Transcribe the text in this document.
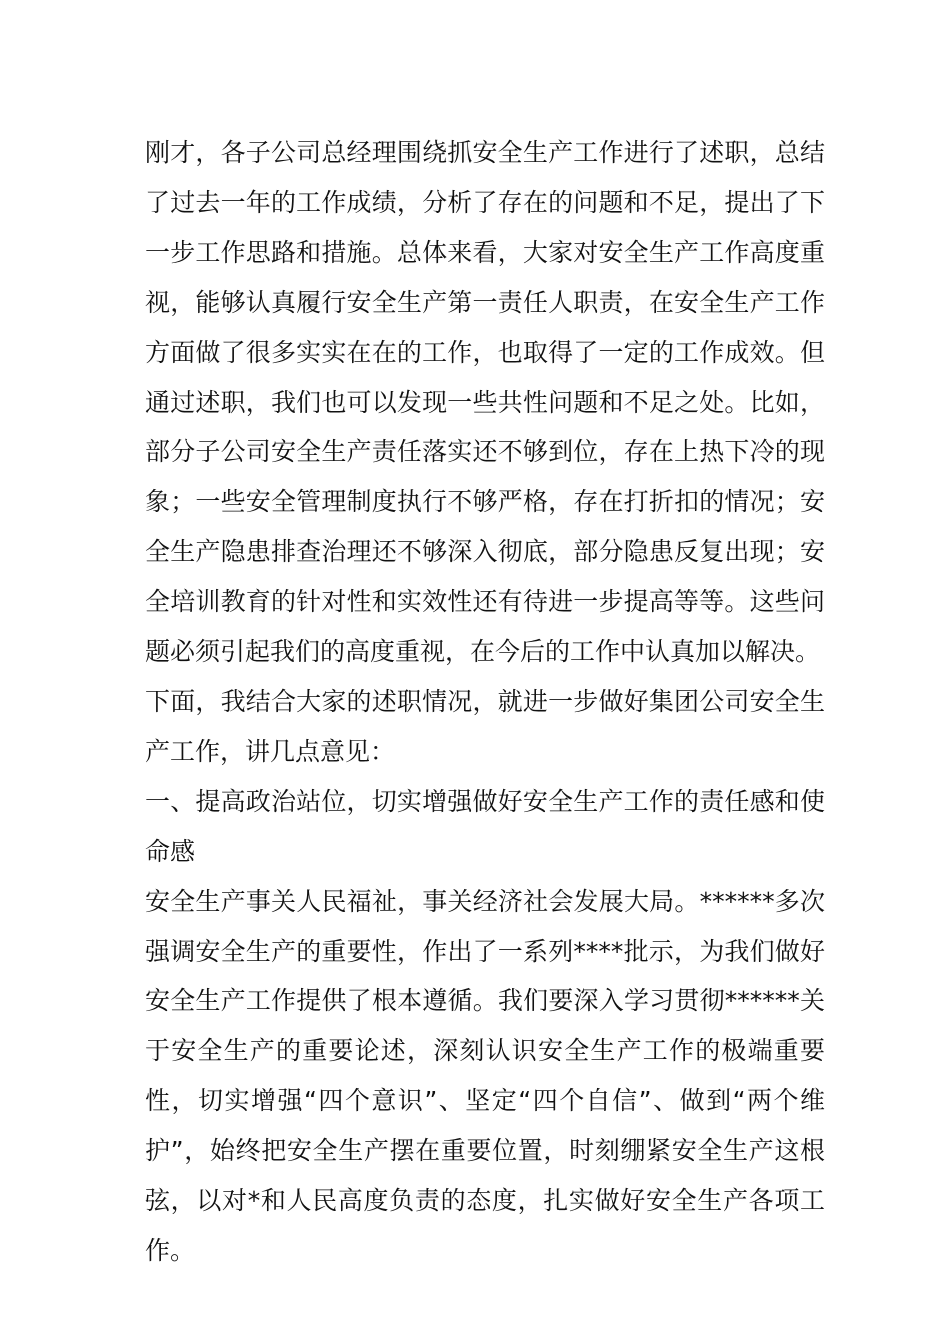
刚才，各子公司总经理围绕抓安全生产工作进行了述职，总结了过去一年的工作成绩，分析了存在的问题和不足，提出了下一步工作思路和措施。总体来看，大家对安全生产工作高度重视，能够认真履行安全生产第一责任人职责，在安全生产工作方面做了很多实实在在的工作，也取得了一定的工作成效。但通过述职，我们也可以发现一些共性问题和不足之处。比如，部分子公司安全生产责任落实还不够到位，存在上热下冷的现象；一些安全管理制度执行不够严格，存在打折扣的情况；安全生产隐患排查治理还不够深入彻底，部分隐患反复出现；安全培训教育的针对性和实效性还有待进一步提高等等。这些问题必须引起我们的高度重视，在今后的工作中认真加以解决。

下面，我结合大家的述职情况，就进一步做好集团公司安全生产工作，讲几点意见：

一、提高政治站位，切实增强做好安全生产工作的责任感和使命感

安全生产事关人民福祉，事关经济社会发展大局。******多次强调安全生产的重要性，作出了一系列****批示，为我们做好安全生产工作提供了根本遵循。我们要深入学习贯彻******关于安全生产的重要论述，深刻认识安全生产工作的极端重要性，切实增强“四个意识”、坚定“四个自信”、做到“两个维护”，始终把安全生产摆在重要位置，时刻绷紧安全生产这根弦，以对*和人民高度负责的态度，扎实做好安全生产各项工作。
